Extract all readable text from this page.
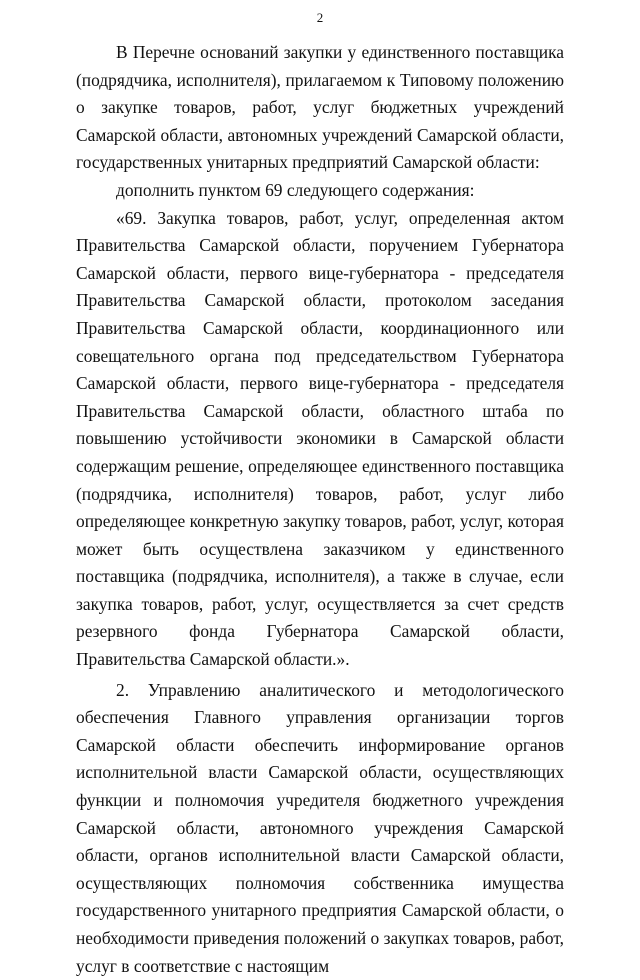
2

В Перечне оснований закупки у единственного поставщика (подрядчика, исполнителя), прилагаемом к Типовому положению о закупке товаров, работ, услуг бюджетных учреждений Самарской области, автономных учреждений Самарской области, государственных унитарных предприятий Самарской области:

дополнить пунктом 69 следующего содержания:

«69. Закупка товаров, работ, услуг, определенная актом Правительства Самарской области, поручением Губернатора Самарской области, первого вице-губернатора - председателя Правительства Самарской области, протоколом заседания Правительства Самарской области, координационного или совещательного органа под председательством Губернатора Самарской области, первого вице-губернатора - председателя Правительства Самарской области, областного штаба по повышению устойчивости экономики в Самарской области содержащим решение, определяющее единственного поставщика (подрядчика, исполнителя) товаров, работ, услуг либо определяющее конкретную закупку товаров, работ, услуг, которая может быть осуществлена заказчиком у единственного поставщика (подрядчика, исполнителя), а также в случае, если закупка товаров, работ, услуг, осуществляется за счет средств резервного фонда Губернатора Самарской области, Правительства Самарской области.».

2. Управлению аналитического и методологического обеспечения Главного управления организации торгов Самарской области обеспечить информирование органов исполнительной власти Самарской области, осуществляющих функции и полномочия учредителя бюджетного учреждения Самарской области, автономного учреждения Самарской области, органов исполнительной власти Самарской области, осуществляющих полномочия собственника имущества государственного унитарного предприятия Самарской области, о необходимости приведения положений о закупках товаров, работ, услуг в соответствие с настоящим
